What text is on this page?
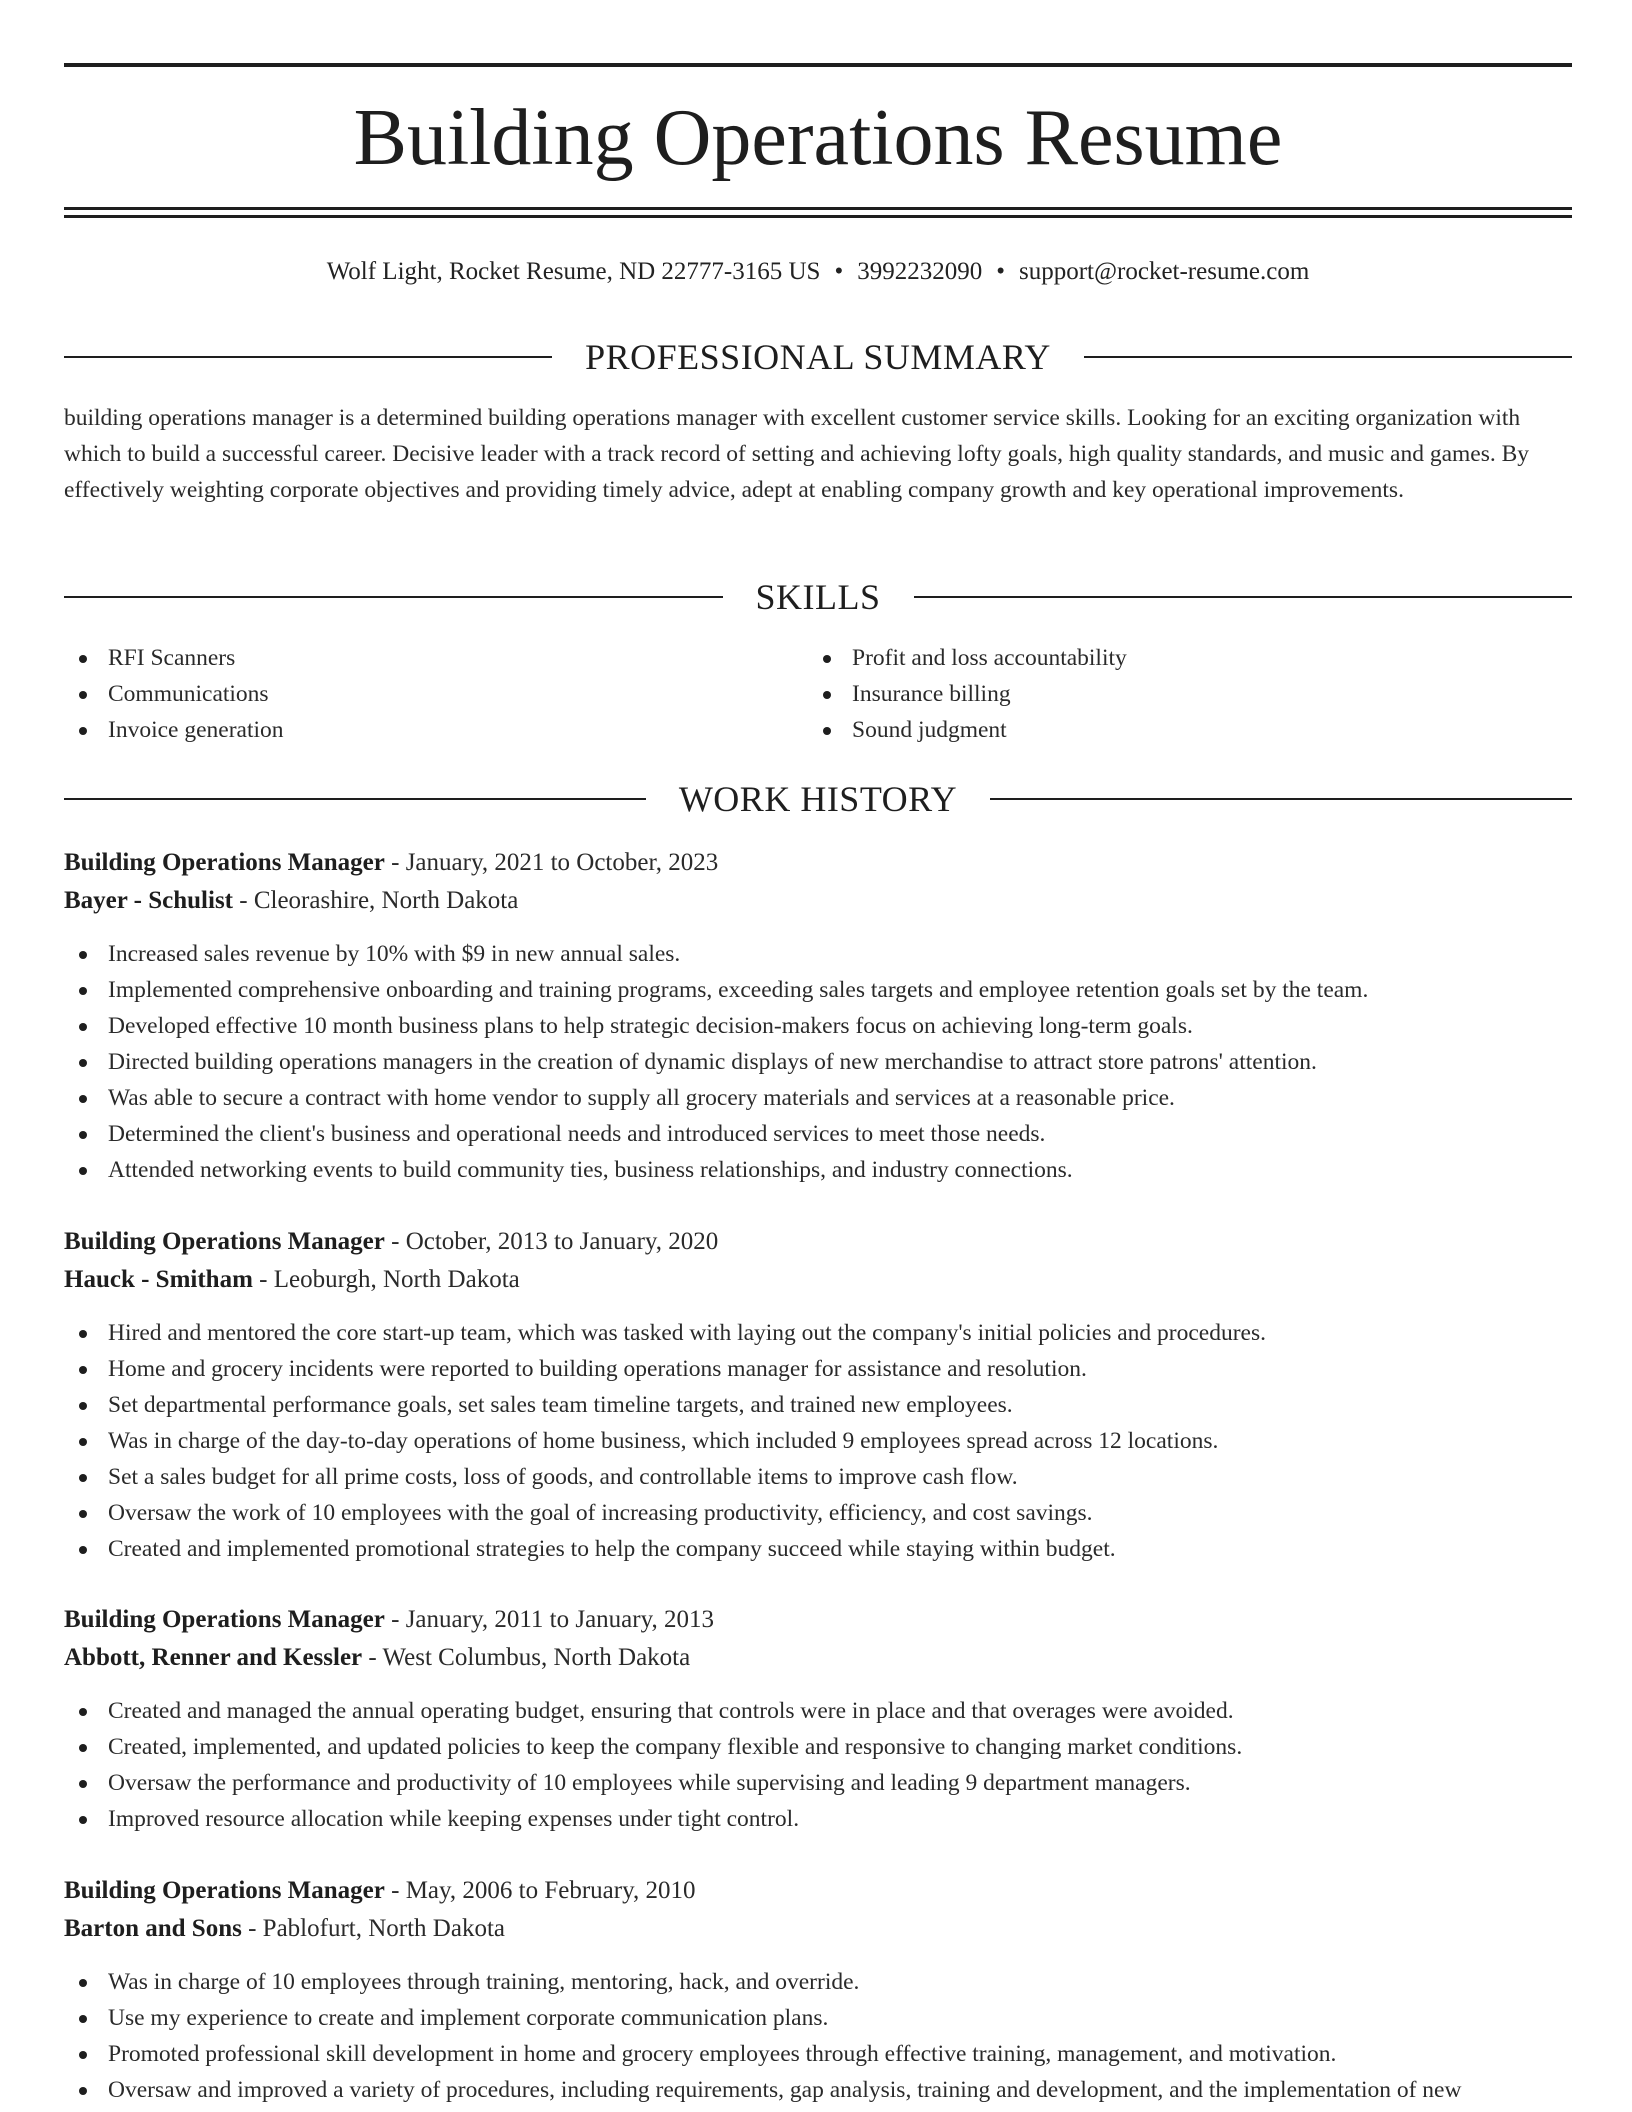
Building Operations Resume
Wolf Light, Rocket Resume, ND 22777-3165 US • 3992232090 • support@rocket-resume.com
PROFESSIONAL SUMMARY

building operations manager is a determined building operations manager with excellent customer service skills. Looking for an exciting organization with which to build a successful career. Decisive leader with a track record of setting and achieving lofty goals, high quality standards, and music and games. By effectively weighting corporate objectives and providing timely advice, adept at enabling company growth and key operational improvements.

SKILLS
RFI Scanners
Communications
Invoice generation
Profit and loss accountability
Insurance billing
Sound judgment
WORK HISTORY
Building Operations Manager - January, 2021 to October, 2023
Bayer - Schulist - Cleorashire, North Dakota
Increased sales revenue by 10% with $9 in new annual sales.
Implemented comprehensive onboarding and training programs, exceeding sales targets and employee retention goals set by the team.
Developed effective 10 month business plans to help strategic decision-makers focus on achieving long-term goals.
Directed building operations managers in the creation of dynamic displays of new merchandise to attract store patrons' attention.
Was able to secure a contract with home vendor to supply all grocery materials and services at a reasonable price.
Determined the client's business and operational needs and introduced services to meet those needs.
Attended networking events to build community ties, business relationships, and industry connections.
Building Operations Manager - October, 2013 to January, 2020
Hauck - Smitham - Leoburgh, North Dakota
Hired and mentored the core start-up team, which was tasked with laying out the company's initial policies and procedures.
Home and grocery incidents were reported to building operations manager for assistance and resolution.
Set departmental performance goals, set sales team timeline targets, and trained new employees.
Was in charge of the day-to-day operations of home business, which included 9 employees spread across 12 locations.
Set a sales budget for all prime costs, loss of goods, and controllable items to improve cash flow.
Oversaw the work of 10 employees with the goal of increasing productivity, efficiency, and cost savings.
Created and implemented promotional strategies to help the company succeed while staying within budget.
Building Operations Manager - January, 2011 to January, 2013
Abbott, Renner and Kessler - West Columbus, North Dakota
Created and managed the annual operating budget, ensuring that controls were in place and that overages were avoided.
Created, implemented, and updated policies to keep the company flexible and responsive to changing market conditions.
Oversaw the performance and productivity of 10 employees while supervising and leading 9 department managers.
Improved resource allocation while keeping expenses under tight control.
Building Operations Manager - May, 2006 to February, 2010
Barton and Sons - Pablofurt, North Dakota
Was in charge of 10 employees through training, mentoring, hack, and override.
Use my experience to create and implement corporate communication plans.
Promoted professional skill development in home and grocery employees through effective training, management, and motivation.
Oversaw and improved a variety of procedures, including requirements, gap analysis, training and development, and the implementation of new
